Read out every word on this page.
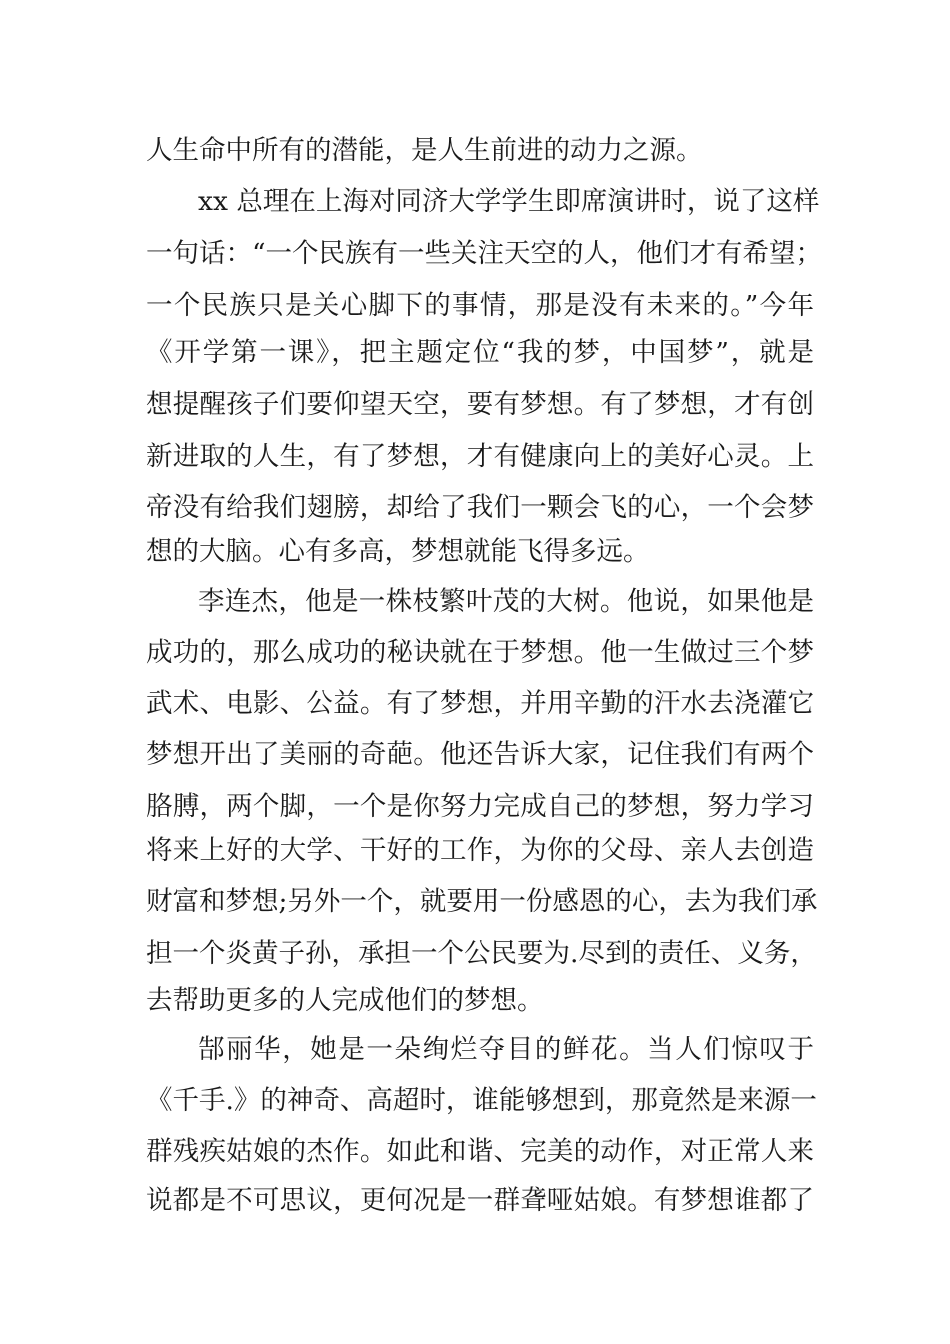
人生命中所有的潜能，是人生前进的动力之源。
xx 总理在上海对同济大学学生即席演讲时，说了这样
一句话：“一个民族有一些关注天空的人，他们才有希望；
一个民族只是关心脚下的事情，那是没有未来的。”今年
《开学第一课》，把主题定位“我的梦，中国梦”，就是
想提醒孩子们要仰望天空，要有梦想。有了梦想，才有创
新进取的人生，有了梦想，才有健康向上的美好心灵。上
帝没有给我们翅膀，却给了我们一颗会飞的心，一个会梦
想的大脑。心有多高，梦想就能飞得多远。
李连杰，他是一株枝繁叶茂的大树。他说，如果他是
成功的，那么成功的秘诀就在于梦想。他一生做过三个梦
武术、电影、公益。有了梦想，并用辛勤的汗水去浇灌它
梦想开出了美丽的奇葩。他还告诉大家，记住我们有两个
胳膊，两个脚，一个是你努力完成自己的梦想，努力学习
将来上好的大学、干好的工作，为你的父母、亲人去创造
财富和梦想;另外一个，就要用一份感恩的心，去为我们承
担一个炎黄子孙，承担一个公民要为.尽到的责任、义务，
去帮助更多的人完成他们的梦想。
郜丽华，她是一朵绚烂夺目的鲜花。当人们惊叹于
《千手.》的神奇、高超时，谁能够想到，那竟然是来源一
群残疾姑娘的杰作。如此和谐、完美的动作，对正常人来
说都是不可思议，更何况是一群聋哑姑娘。有梦想谁都了
